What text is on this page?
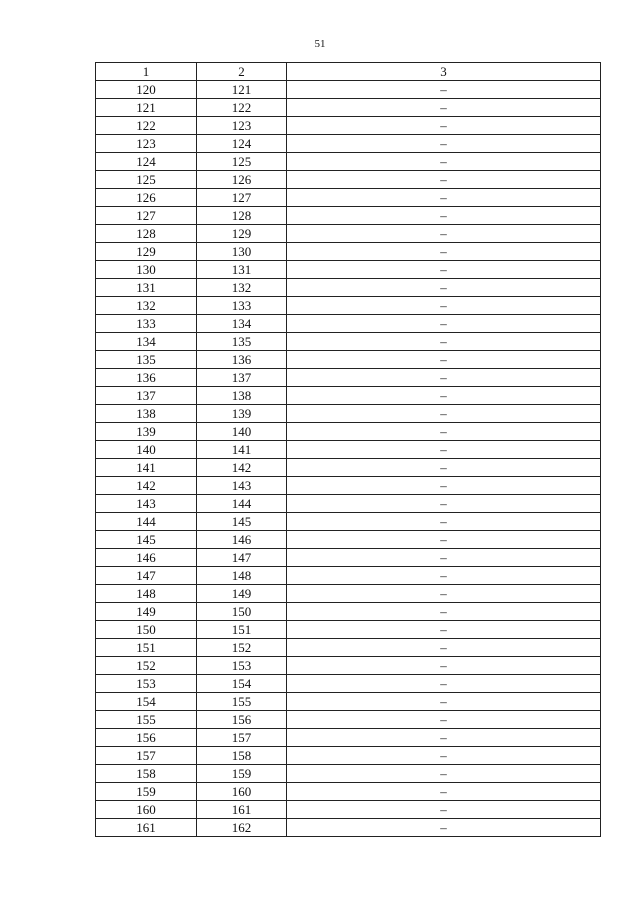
51
1	2	3
120	121	–
121	122	–
122	123	–
123	124	–
124	125	–
125	126	–
126	127	–
127	128	–
128	129	–
129	130	–
130	131	–
131	132	–
132	133	–
133	134	–
134	135	–
135	136	–
136	137	–
137	138	–
138	139	–
139	140	–
140	141	–
141	142	–
142	143	–
143	144	–
144	145	–
145	146	–
146	147	–
147	148	–
148	149	–
149	150	–
150	151	–
151	152	–
152	153	–
153	154	–
154	155	–
155	156	–
156	157	–
157	158	–
158	159	–
159	160	–
160	161	–
161	162	–
